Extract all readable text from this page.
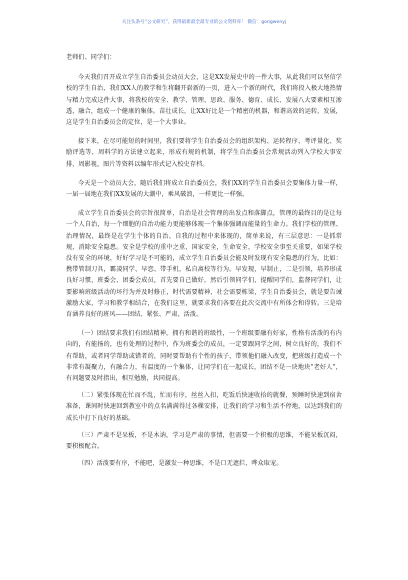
关注头条号“公文研究”，获得最新最全最专业的公文资料库！ 微信：gongwenyj
老师们、同学们：

今天我们召开成立学生自治委员会动员大会，这是XX发展史中的一件大事，从此我们可以坚信学校的学生自治，我们XX人的教学和生将翻开崭新的一页，进入一个新的时代，我们将投入极大地热情与精力完成这件大事，将我校的安全、教学、管理、思政、服务、德育、成长、发展八大要素相互渗透，融合，组成一个健康的集体。苗壮成长，让XX好比是一个精密的机器，和谐高效的运转，发展，这是学生自治委员会的定位，是一个大事业。

接下来，在尽可能短的时间里，我们要将学生自治委员会的组织架构、运转程序、考评量化、奖励评选等，周料学的方法建立起来，形成有规的机制，将学生自治委员会常规活动列入学校大事安排，周影视，图片等资料以编年形式记入校史存档。

今天是一个动员大会，随后我们将成立自治委员会，我们XX的学生自治委员会要集体力量一样，一届一届地在我们XX发展的大潮中，乘风破浪，一样更比一样强。

成立学生自治委员会的宗旨很简单，自治是社会管理的出发点和落脚点，管理的最终目的是让每一个人自治，每一个细胞的自治功能力更能够体现一个集体强调而能量的生命力。我们学校的管理、治理情况，最终是在学生个体的自治、自我的过程中来体现的，简单来说，有三层意思：一是抓常规，消除安全隐患。安全是学校的重中之重，国家安全，生命安全，学校安全事至关重要，如果学校没有安全的环境，好好学习是不可能的，成立学生自治委员会能及时发现有安全隐患的行为，比如：携带管制刀具，霸凌同学、早恋、带手机，私自离校等行为。早发现，早制止，二是引领，培养形成良好习惯，班委会、团委会成员，首先要自己做好，然后引领同学们，提醒同学们，监督同学们，让要影响班级活动的坏行为并及时修正，时代需要精神，社会需要栋梁，学生自治委员会，就是要告诫激励大家，学习和教学相结合，在我们这里，就要求我们各要在此次交流中有所体会和得转。三是培育涵养良好的班风——团结、紧张、严肃、活泼。

（一）团结要求我们有团结精神，拥有和谐的班级性，一个班级要融有好家，性格有活泼的有内向的，有能扬的，也有处理的过程中，作为班委会的成员，一定要跟同学之间，树立良好的，我们不有帮助，或者同学帮助或错者的，同时要帮助有个性的孩子，带领他们融入改变，把班级打造成一个非常有凝聚力，有融合力，有温度的一个集体，让同学们在一起成长，团结不是一块地块“老好人”，有问题要及时指出，相互勉励，共同提高。

（二）紧张体现在忙而不乱，忙而有序，丝丝入扣，吃饭后快速收拾的就餐，预睡时快速到宿舍准备，课间时快速回到教室中的点名满满得过各棵安排，让我们的学习和生活不停地，以达到我们的成长中打下良好的基础。

（三）严肃不是呆板，不是木讷，学习是严肃的事情，但需要一个积极的思维，不能呆板沉闷，要积极配合。

（四）活泼要有序，不能吧，是激发一种思维，不是口无遮拦，哗众取宠。
